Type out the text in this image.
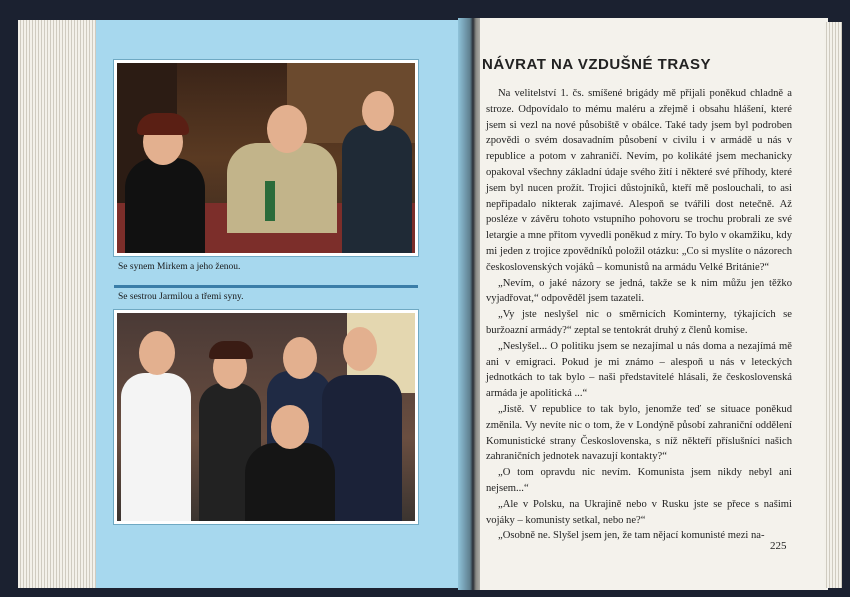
Se synem Mirkem a jeho ženou.
Se sestrou Jarmilou a třemi syny.
NÁVRAT NA VZDUŠNÉ TRASY

Na velitelství 1. čs. smíšené brigády mě přijali poněkud chladně a stroze. Odpovídalo to mému maléru a zřejmě i obsahu hlášení, které jsem si vezl na nové působiště v obálce. Také tady jsem byl podroben zpovědi o svém dosavadním působení v civilu i v armádě u nás v republice a potom v zahraničí. Nevím, po kolikáté jsem mechanicky opakoval všechny základní údaje svého žití i některé své příhody, které jsem byl nucen prožít. Trojici důstojníků, kteří mě poslouchali, to asi nepřipadalo nikterak zajímavé. Alespoň se tvářili dost netečně. Až posléze v závěru tohoto vstupního pohovoru se trochu probrali ze své letargie a mne přitom vyvedli poněkud z míry. To bylo v okamžiku, kdy mi jeden z trojice zpovědníků položil otázku: „Co si myslíte o názorech československých vojáků – komunistů na armádu Velké Británie?“

„Nevím, o jaké názory se jedná, takže se k nim můžu jen těžko vyjadřovat,“ odpověděl jsem tazateli.

„Vy jste neslyšel nic o směrnicích Kominterny, týkajících se buržoazní armády?“ zeptal se tentokrát druhý z členů komise.

„Neslyšel... O politiku jsem se nezajímal u nás doma a nezajímá mě ani v emigraci. Pokud je mi známo – alespoň u nás v leteckých jednotkách to tak bylo – naši představitelé hlásali, že československá armáda je apolitická ...“

„Jistě. V republice to tak bylo, jenomže teď se situace poněkud změnila. Vy nevíte nic o tom, že v Londýně působí zahraniční oddělení Komunistické strany Československa, s níž někteří příslušníci našich zahraničních jednotek navazují kontakty?“

„O tom opravdu nic nevím. Komunista jsem nikdy nebyl ani nejsem...“

„Ale v Polsku, na Ukrajině nebo v Rusku jste se přece s našimi vojáky – komunisty setkal, nebo ne?“

„Osobně ne. Slyšel jsem jen, že tam nějací komunisté mezi na-

225
